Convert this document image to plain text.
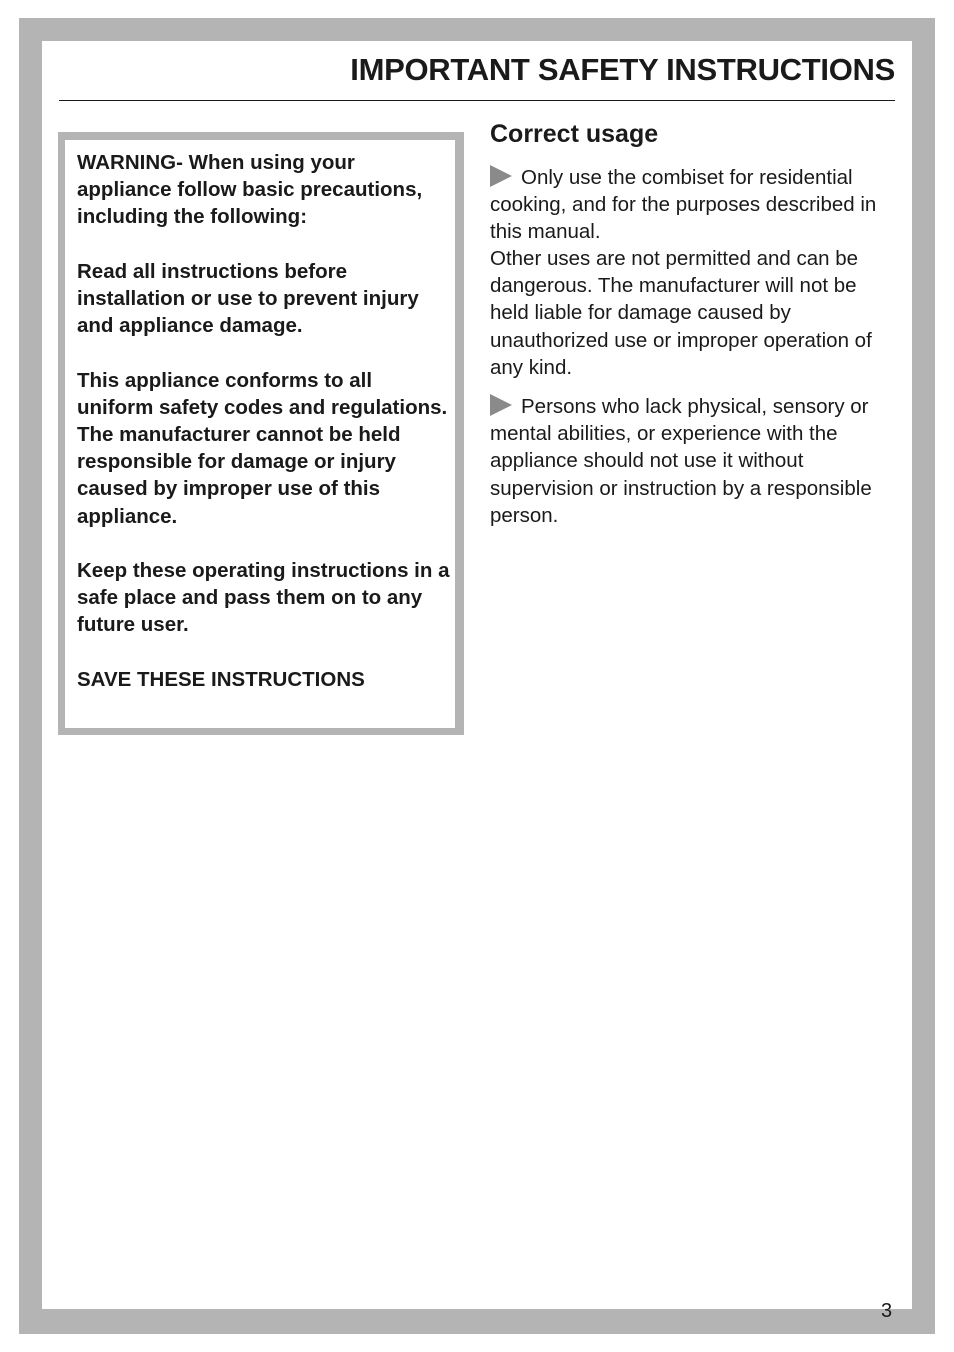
IMPORTANT SAFETY INSTRUCTIONS

WARNING- When using your appliance follow basic precautions, including the following:

Read all instructions before installation or use to prevent injury and appliance damage.

This appliance conforms to all uniform safety codes and regulations. The manufacturer cannot be held responsible for damage or injury caused by improper use of this appliance.

Keep these operating instructions in a safe place and pass them on to any future user.

SAVE THESE INSTRUCTIONS

Correct usage

Only use the combiset for residential cooking, and for the purposes described in this manual.

Other uses are not permitted and can be dangerous. The manufacturer will not be held liable for damage caused by unauthorized use or improper operation of any kind.

Persons who lack physical, sensory or mental abilities, or experience with the appliance should not use it without supervision or instruction by a responsible person.

3
